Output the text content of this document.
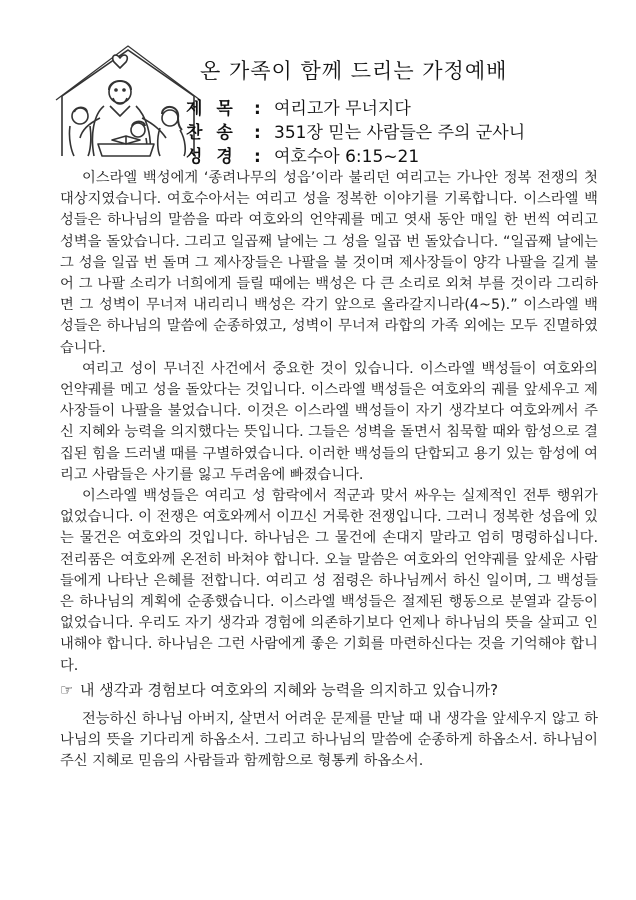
온 가족이 함께 드리는 가정예배
제목 : 여리고가 무너지다
찬송 : 351장 믿는 사람들은 주의 군사니
성경 : 여호수아 6:15~21

이스라엘 백성에게 ‘종려나무의 성읍’이라 불리던 여리고는 가나안 정복 전쟁의 첫 대상지였습니다. 여호수아서는 여리고 성을 정복한 이야기를 기록합니다. 이스라엘 백성들은 하나님의 말씀을 따라 여호와의 언약궤를 메고 엿새 동안 매일 한 번씩 여리고 성벽을 돌았습니다. 그리고 일곱째 날에는 그 성을 일곱 번 돌았습니다. “일곱째 날에는 그 성을 일곱 번 돌며 그 제사장들은 나팔을 불 것이며 제사장들이 양각 나팔을 길게 불어 그 나팔 소리가 너희에게 들릴 때에는 백성은 다 큰 소리로 외쳐 부를 것이라 그리하면 그 성벽이 무너져 내리리니 백성은 각기 앞으로 올라갈지니라(4~5).” 이스라엘 백성들은 하나님의 말씀에 순종하였고, 성벽이 무너져 라합의 가족 외에는 모두 진멸하였습니다.

여리고 성이 무너진 사건에서 중요한 것이 있습니다. 이스라엘 백성들이 여호와의 언약궤를 메고 성을 돌았다는 것입니다. 이스라엘 백성들은 여호와의 궤를 앞세우고 제사장들이 나팔을 불었습니다. 이것은 이스라엘 백성들이 자기 생각보다 여호와께서 주신 지혜와 능력을 의지했다는 뜻입니다. 그들은 성벽을 돌면서 침묵할 때와 함성으로 결집된 힘을 드러낼 때를 구별하였습니다. 이러한 백성들의 단합되고 용기 있는 함성에 여리고 사람들은 사기를 잃고 두려움에 빠졌습니다.

이스라엘 백성들은 여리고 성 함락에서 적군과 맞서 싸우는 실제적인 전투 행위가 없었습니다. 이 전쟁은 여호와께서 이끄신 거룩한 전쟁입니다. 그러니 정복한 성읍에 있는 물건은 여호와의 것입니다. 하나님은 그 물건에 손대지 말라고 엄히 명령하십니다. 전리품은 여호와께 온전히 바쳐야 합니다. 오늘 말씀은 여호와의 언약궤를 앞세운 사람들에게 나타난 은혜를 전합니다. 여리고 성 점령은 하나님께서 하신 일이며, 그 백성들은 하나님의 계획에 순종했습니다. 이스라엘 백성들은 절제된 행동으로 분열과 갈등이 없었습니다. 우리도 자기 생각과 경험에 의존하기보다 언제나 하나님의 뜻을 살피고 인내해야 합니다. 하나님은 그런 사람에게 좋은 기회를 마련하신다는 것을 기억해야 합니다.

☞ 내 생각과 경험보다 여호와의 지혜와 능력을 의지하고 있습니까?

전능하신 하나님 아버지, 살면서 어려운 문제를 만날 때 내 생각을 앞세우지 않고 하나님의 뜻을 기다리게 하옵소서. 그리고 하나님의 말씀에 순종하게 하옵소서. 하나님이 주신 지혜로 믿음의 사람들과 함께함으로 형통케 하옵소서.
